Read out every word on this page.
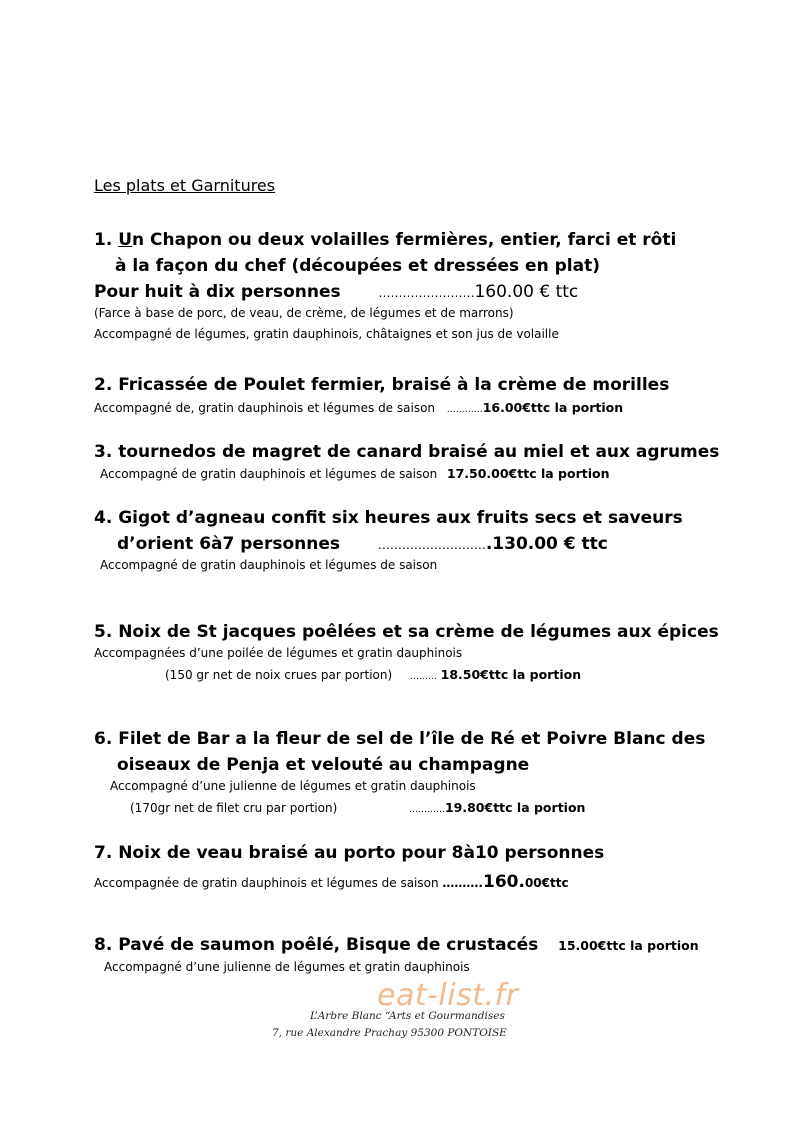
Les plats et Garnitures
1. Un Chapon ou deux volailles fermières, entier, farci et rôti
à la façon du chef (découpées et dressées en plat)
Pour huit à dix personnes	……………………160.00 € ttc
(Farce à base de porc, de veau, de crème, de légumes et de marrons)
Accompagné de légumes, gratin dauphinois, châtaignes et son jus de volaille
2. Fricassée de Poulet fermier, braisé à la crème de morilles
Accompagné de, gratin dauphinois et légumes de saison …………16.00€ttc la portion
3. tournedos de magret de canard braisé au miel et aux agrumes
Accompagné de gratin dauphinois et légumes de saison 17.50.00€ttc la portion
4. Gigot d’agneau confit six heures aux fruits secs et saveurs
d’orient 6à7 personnes	……………………….130.00 € ttc
Accompagné de gratin dauphinois et légumes de saison
5. Noix de St jacques poêlées et sa crème de légumes aux épices
Accompagnées d’une poilée de légumes et gratin dauphinois
(150 gr net de noix crues par portion) ……… 18.50€ttc la portion
6. Filet de Bar a la fleur de sel de l’île de Ré et Poivre Blanc des
oiseaux de Penja et velouté au champagne
Accompagné d’une julienne de légumes et gratin dauphinois
(170gr net de filet cru par portion)	…………19.80€ttc la portion
7. Noix de veau braisé au porto pour 8à10 personnes
Accompagnée de gratin dauphinois et légumes de saison ……….160.00€ttc
8. Pavé de saumon poêlé, Bisque de crustacés 15.00€ttc la portion
Accompagné d’une julienne de légumes et gratin dauphinois
eat-list.fr
L’Arbre Blanc “Arts et Gourmandises
7, rue Alexandre Prachay 95300 PONTOISE
